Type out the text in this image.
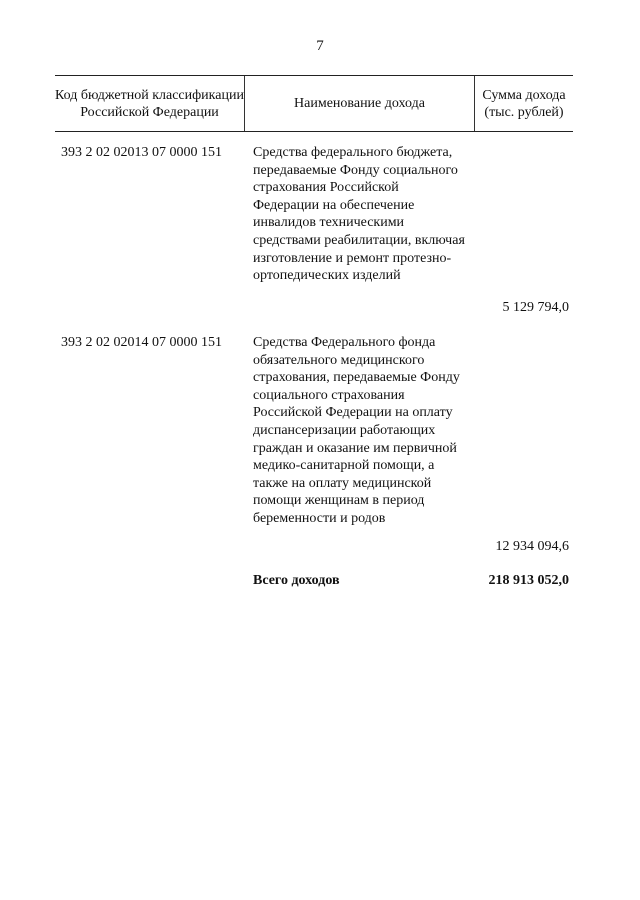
7
Код бюджетной классификации Российской Федерации
Наименование дохода
Сумма дохода (тыс. рублей)
393 2 02 02013 07 0000 151 Средства федерального бюджета, передаваемые Фонду социального страхования Российской Федерации на обеспечение инвалидов техническими средствами реабилитации, включая изготовление и ремонт протезно-ортопедических изделий
5 129 794,0
393 2 02 02014 07 0000 151 Средства Федерального фонда обязательного медицинского страхования, передаваемые Фонду социального страхования Российской Федерации на оплату диспансеризации работающих граждан и оказание им первичной медико-санитарной помощи, а также на оплату медицинской помощи женщинам в период беременности и родов
12 934 094,6
Всего доходов	218 913 052,0
